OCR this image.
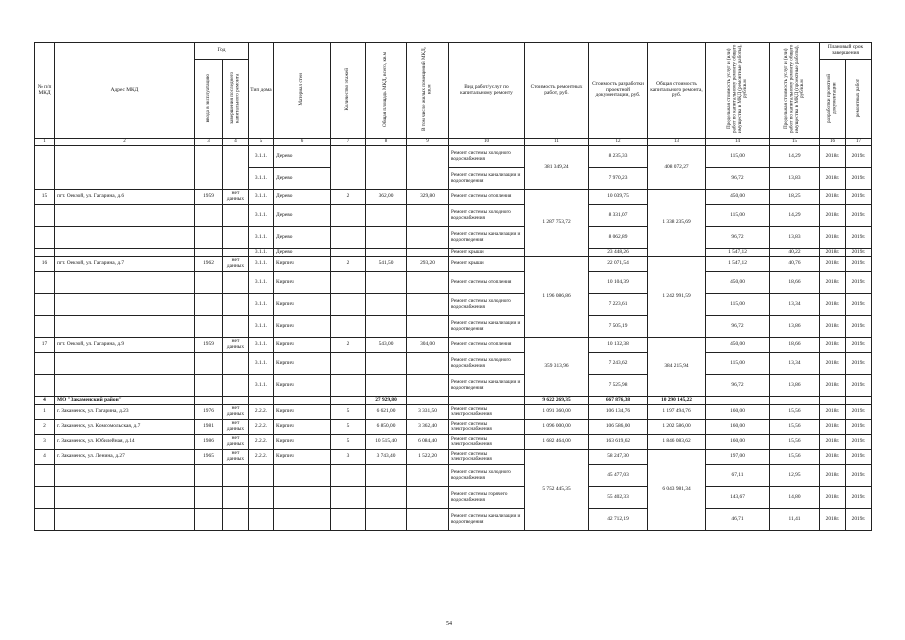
№ п/п МКД	Адрес МКД	Год		Тип дома	Материал стен	Количество этажей	Общая площадь МКД, всего, кв.м	В том числе жилых помещений МКД, кв.м	Вид работ/услуг по капитальному ремонту	Стоимость ремонтных работ, руб.	Стоимость разработки проектной документации, руб.	Общая стоимость капитального ремонта, руб.	Предельная стоимость услуг и (или) работ по капитальному ремонту общего имущества в МКД (ремонтные работы), руб/кв.м	Предельная стоимость услуг и (или) работ по капитальному ремонту общего имущества в МКД (проектные работы), руб/кв.м	Плановый срок завершения	
		ввода в эксплуатацию	завершения последнего капитального ремонта												разработки проектной документации	ремонтных работ
1	2	3	4	5	6	7	8	9	10	11	12	13	14	15	16	17
				3.1.1.	Дерево				Ремонт системы холодного водоснабжения	381 349,24	8 235,33	408 072,27	115,00	14,29	2018г.	2019г.
				3.1.1.	Дерево				Ремонт системы канализации и водоотведения		7 970,23		96,72	13,83	2018г.	2019г.
15	пгт. Оекзой, ул. Гагарина, д.6	1959	нет данных	3.1.1.	Дерево	2	362,00	329,80	Ремонт системы отопления	1 287 753,72	10 039,75	1 338 235,69	450,00	18,25	2018г.	2019г.
				3.1.1.	Дерево				Ремонт системы холодного водоснабжения		8 331,07		115,00	14,29	2018г.	2019г.
				3.1.1.	Дерево				Ремонт системы канализации и водоотведения		8 062,89		96,72	13,83	2018г.	2019г.
				3.1.1.	Дерево				Ремонт крыши		23 448,26		1 547,12	40,22	2018г.	2019г.
16	пгт. Оекзой, ул. Гагарина, д.7	1962	нет данных	3.1.1.	Кирпич	2	541,50	293,20	Ремонт крыши	1 196 086,86	22 071,54	1 242 991,59	1 547,12	40,76	2018г.	2019г.
				3.1.1.	Кирпич				Ремонт системы отопления		10 104,39		450,00	18,66	2018г.	2019г.
				3.1.1.	Кирпич				Ремонт системы холодного водоснабжения		7 223,61		115,00	13,34	2018г.	2019г.
				3.1.1.	Кирпич				Ремонт системы канализации и водоотведения		7 505,19		96,72	13,86	2018г.	2019г.
17	пгт. Оекзой, ул. Гагарина, д.9	1959	нет данных	3.1.1.	Кирпич	2	543,00	304,00	Ремонт системы отопления	359 313,96	10 132,38	384 215,94	450,00	18,66	2018г.	2019г.
				3.1.1.	Кирпич				Ремонт системы холодного водоснабжения		7 243,62		115,00	13,34	2018г.	2019г.
				3.1.1.	Кирпич				Ремонт системы канализации и водоотведения		7 525,98		96,72	13,86	2018г.	2019г.
4	МО "Закаменский район"						27 929,80			9 622 269,35	667 876,38	10 290 145,22				
1	г. Закаменск, ул. Гагарина, д.23	1976	нет данных	2.2.2.	Кирпич	5	6 621,00	3 331,50	Ремонт системы электроснабжения	1 091 360,00	106 134,76	1 197 494,76	160,00	15,56	2018г.	2019г.
2	г. Закаменск, ул. Комсомольская, д.7	1981	нет данных	2.2.2.	Кирпич	5	6 850,00	3 362,40	Ремонт системы электроснабжения	1 096 000,00	106 586,00	1 202 586,00	160,00	15,56	2018г.	2019г.
3	г. Закаменск, ул. Юбилейная, д.14	1986	нет данных	2.2.2.	Кирпич	5	10 515,40	6 084,40	Ремонт системы электроснабжения	1 682 464,00	163 619,62	1 846 083,62	160,00	15,56	2018г.	2019г.
4	г. Закаменск, ул. Ленина, д.27	1965	нет данных	2.2.2.	Кирпич	3	3 743,40	1 522,20	Ремонт системы электроснабжения	5 752 445,35	58 247,30	6 043 981,34	197,00	15,56	2018г.	2019г.
									Ремонт системы холодного водоснабжения		45 477,03		67,11	12,95	2018г.	2019г.
									Ремонт системы горячего водоснабжения		55 402,33		143,67	14,80	2018г.	2019г.
									Ремонт системы канализации и водоотведения		42 712,19		46,71	11,41	2018г.	2019г.
54
